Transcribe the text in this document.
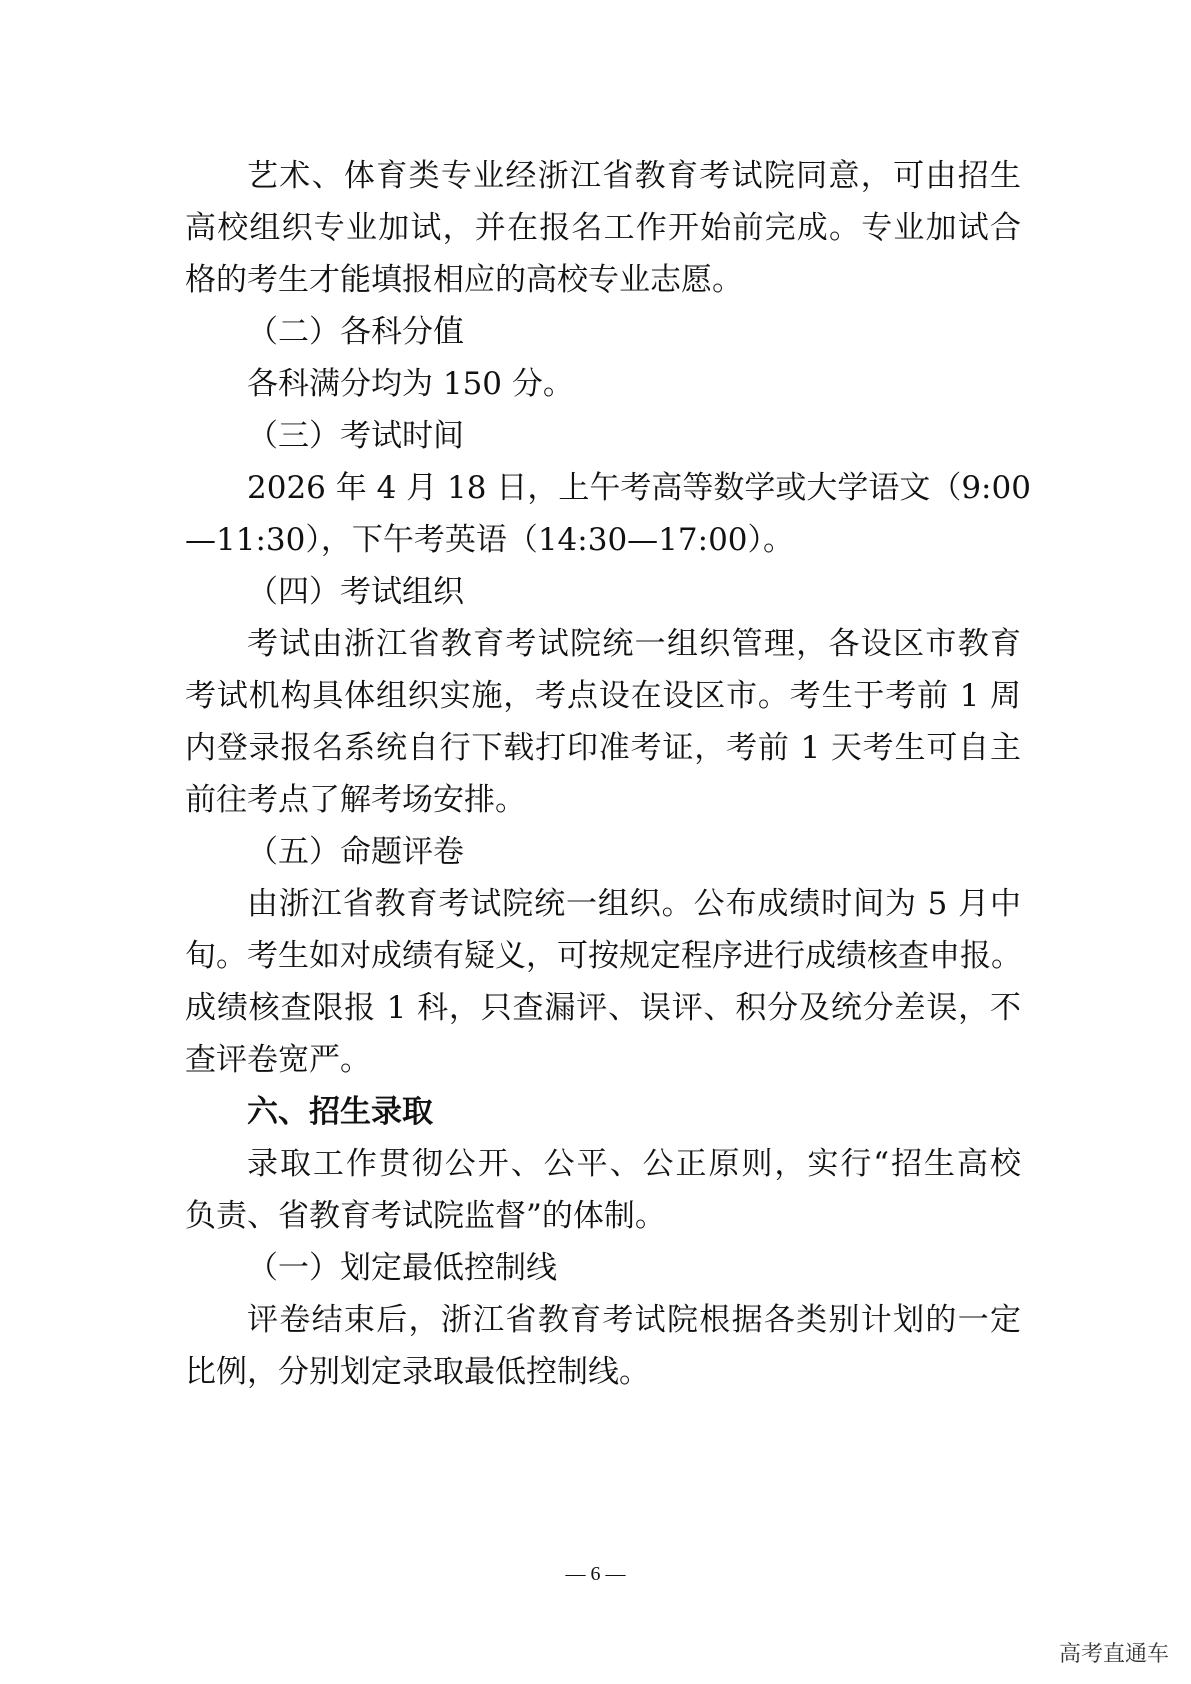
艺术、体育类专业经浙江省教育考试院同意，可由招生
高校组织专业加试，并在报名工作开始前完成。专业加试合
格的考生才能填报相应的高校专业志愿。
（二）各科分值
各科满分均为 150 分。
（三）考试时间
2026 年 4 月 18 日，上午考高等数学或大学语文（9:00
—11:30），下午考英语（14:30—17:00）。
（四）考试组织
考试由浙江省教育考试院统一组织管理，各设区市教育
考试机构具体组织实施，考点设在设区市。考生于考前 1 周
内登录报名系统自行下载打印准考证，考前 1 天考生可自主
前往考点了解考场安排。
（五）命题评卷
由浙江省教育考试院统一组织。公布成绩时间为 5 月中
旬。考生如对成绩有疑义，可按规定程序进行成绩核查申报。
成绩核查限报 1 科，只查漏评、误评、积分及统分差误，不
查评卷宽严。
六、招生录取
录取工作贯彻公开、公平、公正原则，实行“招生高校
负责、省教育考试院监督”的体制。
（一）划定最低控制线
评卷结束后，浙江省教育考试院根据各类别计划的一定
比例，分别划定录取最低控制线。
— 6 —
高考直通车
